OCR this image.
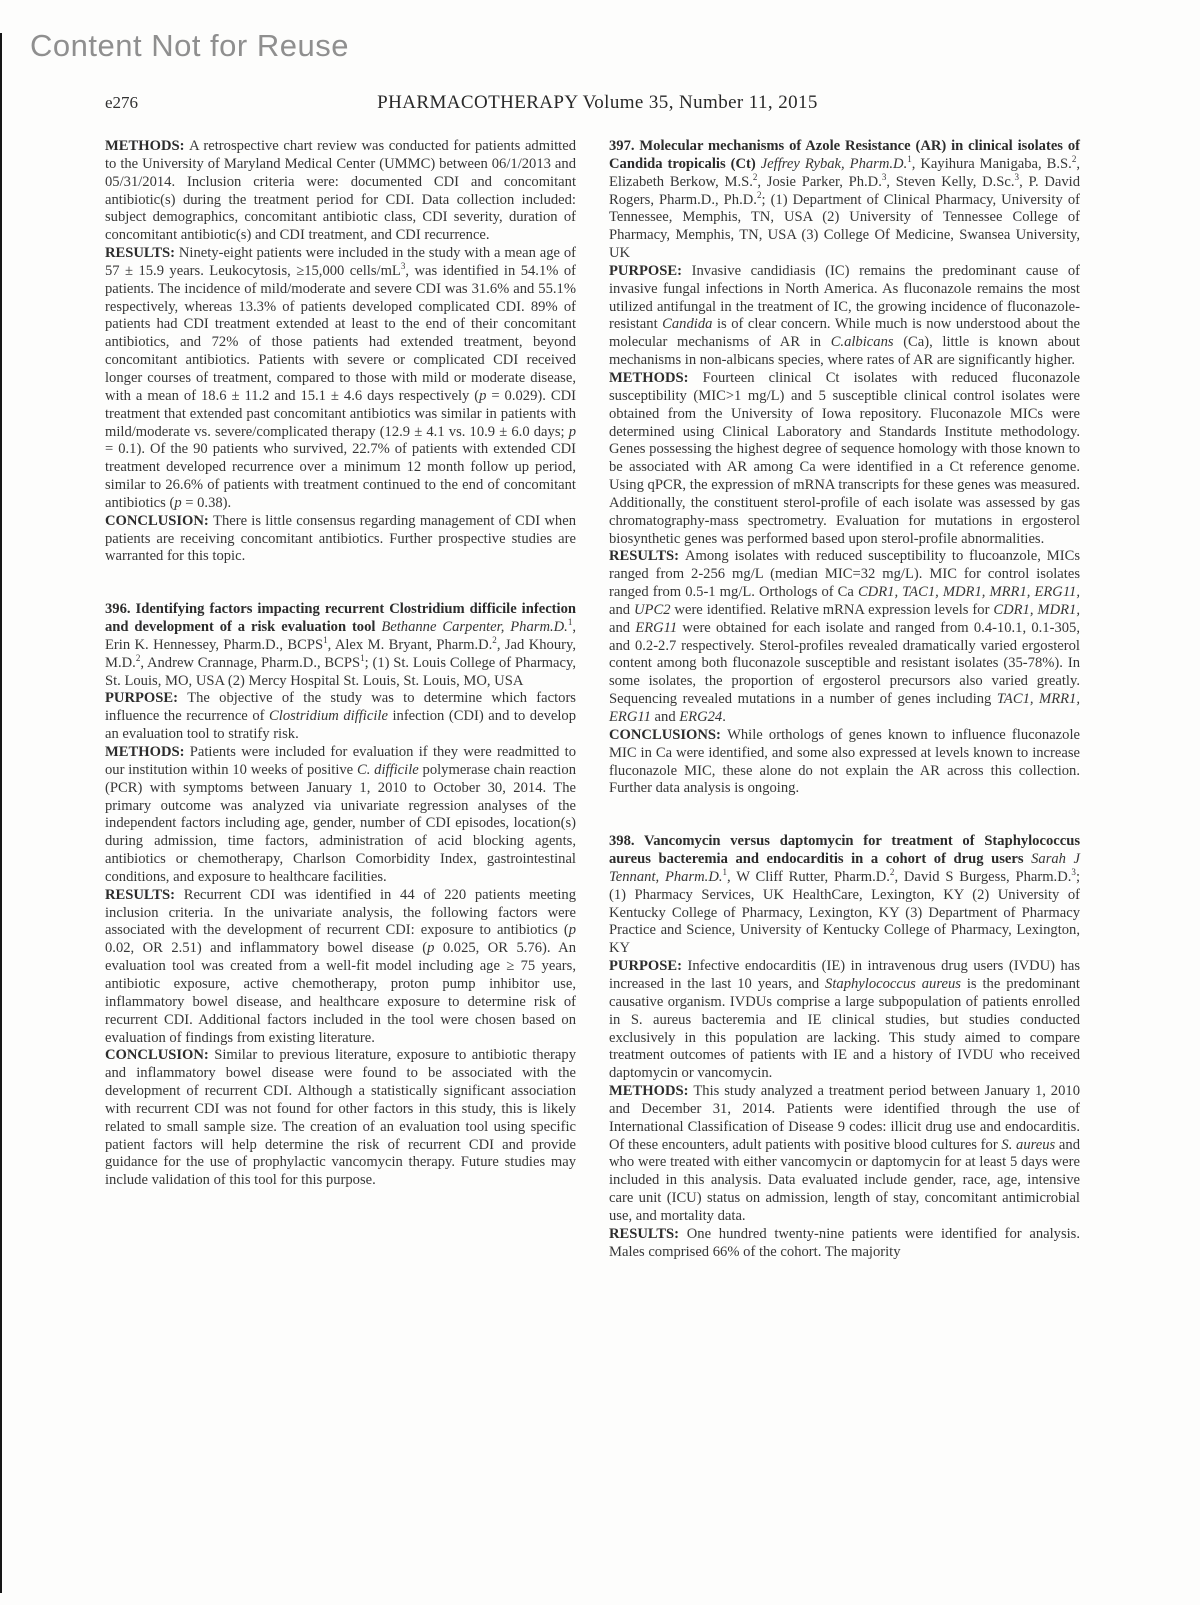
Content Not for Reuse
e276	PHARMACOTHERAPY Volume 35, Number 11, 2015

METHODS: A retrospective chart review was conducted for patients admitted to the University of Maryland Medical Center (UMMC) between 06/1/2013 and 05/31/2014. Inclusion criteria were: documented CDI and concomitant antibiotic(s) during the treatment period for CDI. Data collection included: subject demographics, concomitant antibiotic class, CDI severity, duration of concomitant antibiotic(s) and CDI treatment, and CDI recurrence.

RESULTS: Ninety-eight patients were included in the study with a mean age of 57 ± 15.9 years. Leukocytosis, ≥15,000 cells/$mL^3$, was identified in 54.1% of patients. The incidence of mild/moderate and severe CDI was 31.6% and 55.1% respectively, whereas 13.3% of patients developed complicated CDI. 89% of patients had CDI treatment extended at least to the end of their concomitant antibiotics, and 72% of those patients had extended treatment, beyond concomitant antibiotics. Patients with severe or complicated CDI received longer courses of treatment, compared to those with mild or moderate disease, with a mean of 18.6 ± 11.2 and 15.1 ± 4.6 days respectively (p = 0.029). CDI treatment that extended past concomitant antibiotics was similar in patients with mild/moderate vs. severe/complicated therapy (12.9 ± 4.1 vs. 10.9 ± 6.0 days; p = 0.1). Of the 90 patients who survived, 22.7% of patients with extended CDI treatment developed recurrence over a minimum 12 month follow up period, similar to 26.6% of patients with treatment continued to the end of concomitant antibiotics (p = 0.38).

CONCLUSION: There is little consensus regarding management of CDI when patients are receiving concomitant antibiotics. Further prospective studies are warranted for this topic.

396. Identifying factors impacting recurrent Clostridium difficile infection and development of a risk evaluation tool Bethanne Carpenter, Pharm.D.$^1$, Erin K. Hennessey, Pharm.D., BCPS$^1$, Alex M. Bryant, Pharm.D.$^2$, Jad Khoury, M.D.$^2$, Andrew Crannage, Pharm.D., BCPS$^1$; (1) St. Louis College of Pharmacy, St. Louis, MO, USA (2) Mercy Hospital St. Louis, St. Louis, MO, USA

PURPOSE: The objective of the study was to determine which factors influence the recurrence of Clostridium difficile infection (CDI) and to develop an evaluation tool to stratify risk.

METHODS: Patients were included for evaluation if they were readmitted to our institution within 10 weeks of positive C. difficile polymerase chain reaction (PCR) with symptoms between January 1, 2010 to October 30, 2014. The primary outcome was analyzed via univariate regression analyses of the independent factors including age, gender, number of CDI episodes, location(s) during admission, time factors, administration of acid blocking agents, antibiotics or chemotherapy, Charlson Comorbidity Index, gastrointestinal conditions, and exposure to healthcare facilities.

RESULTS: Recurrent CDI was identified in 44 of 220 patients meeting inclusion criteria. In the univariate analysis, the following factors were associated with the development of recurrent CDI: exposure to antibiotics (p 0.02, OR 2.51) and inflammatory bowel disease (p 0.025, OR 5.76). An evaluation tool was created from a well-fit model including age ≥ 75 years, antibiotic exposure, active chemotherapy, proton pump inhibitor use, inflammatory bowel disease, and healthcare exposure to determine risk of recurrent CDI. Additional factors included in the tool were chosen based on evaluation of findings from existing literature.

CONCLUSION: Similar to previous literature, exposure to antibiotic therapy and inflammatory bowel disease were found to be associated with the development of recurrent CDI. Although a statistically significant association with recurrent CDI was not found for other factors in this study, this is likely related to small sample size. The creation of an evaluation tool using specific patient factors will help determine the risk of recurrent CDI and provide guidance for the use of prophylactic vancomycin therapy. Future studies may include validation of this tool for this purpose.

397. Molecular mechanisms of Azole Resistance (AR) in clinical isolates of Candida tropicalis (Ct) Jeffrey Rybak, Pharm.D.$^1$, Kayihura Manigaba, B.S.$^2$, Elizabeth Berkow, M.S.$^2$, Josie Parker, Ph.D.$^3$, Steven Kelly, D.Sc.$^3$, P. David Rogers, Pharm.D., Ph.D.$^2$; (1) Department of Clinical Pharmacy, University of Tennessee, Memphis, TN, USA (2) University of Tennessee College of Pharmacy, Memphis, TN, USA (3) College Of Medicine, Swansea University, UK

PURPOSE: Invasive candidiasis (IC) remains the predominant cause of invasive fungal infections in North America. As fluconazole remains the most utilized antifungal in the treatment of IC, the growing incidence of fluconazole-resistant Candida is of clear concern. While much is now understood about the molecular mechanisms of AR in C.albicans (Ca), little is known about mechanisms in non-albicans species, where rates of AR are significantly higher.

METHODS: Fourteen clinical Ct isolates with reduced fluconazole susceptibility (MIC>1 mg/L) and 5 susceptible clinical control isolates were obtained from the University of Iowa repository. Fluconazole MICs were determined using Clinical Laboratory and Standards Institute methodology. Genes possessing the highest degree of sequence homology with those known to be associated with AR among Ca were identified in a Ct reference genome. Using qPCR, the expression of mRNA transcripts for these genes was measured. Additionally, the constituent sterol-profile of each isolate was assessed by gas chromatography-mass spectrometry. Evaluation for mutations in ergosterol biosynthetic genes was performed based upon sterol-profile abnormalities.

RESULTS: Among isolates with reduced susceptibility to flucoanzole, MICs ranged from 2-256 mg/L (median MIC=32 mg/L). MIC for control isolates ranged from 0.5-1 mg/L. Orthologs of Ca CDR1, TAC1, MDR1, MRR1, ERG11, and UPC2 were identified. Relative mRNA expression levels for CDR1, MDR1, and ERG11 were obtained for each isolate and ranged from 0.4-10.1, 0.1-305, and 0.2-2.7 respectively. Sterol-profiles revealed dramatically varied ergosterol content among both fluconazole susceptible and resistant isolates (35-78%). In some isolates, the proportion of ergosterol precursors also varied greatly. Sequencing revealed mutations in a number of genes including TAC1, MRR1, ERG11 and ERG24.

CONCLUSIONS: While orthologs of genes known to influence fluconazole MIC in Ca were identified, and some also expressed at levels known to increase fluconazole MIC, these alone do not explain the AR across this collection. Further data analysis is ongoing.

398. Vancomycin versus daptomycin for treatment of Staphylococcus aureus bacteremia and endocarditis in a cohort of drug users Sarah J Tennant, Pharm.D.$^1$, W Cliff Rutter, Pharm.D.$^2$, David S Burgess, Pharm.D.$^3$; (1) Pharmacy Services, UK HealthCare, Lexington, KY (2) University of Kentucky College of Pharmacy, Lexington, KY (3) Department of Pharmacy Practice and Science, University of Kentucky College of Pharmacy, Lexington, KY

PURPOSE: Infective endocarditis (IE) in intravenous drug users (IVDU) has increased in the last 10 years, and Staphylococcus aureus is the predominant causative organism. IVDUs comprise a large subpopulation of patients enrolled in S. aureus bacteremia and IE clinical studies, but studies conducted exclusively in this population are lacking. This study aimed to compare treatment outcomes of patients with IE and a history of IVDU who received daptomycin or vancomycin.

METHODS: This study analyzed a treatment period between January 1, 2010 and December 31, 2014. Patients were identified through the use of International Classification of Disease 9 codes: illicit drug use and endocarditis. Of these encounters, adult patients with positive blood cultures for S. aureus and who were treated with either vancomycin or daptomycin for at least 5 days were included in this analysis. Data evaluated include gender, race, age, intensive care unit (ICU) status on admission, length of stay, concomitant antimicrobial use, and mortality data.

RESULTS: One hundred twenty-nine patients were identified for analysis. Males comprised 66% of the cohort. The majority
